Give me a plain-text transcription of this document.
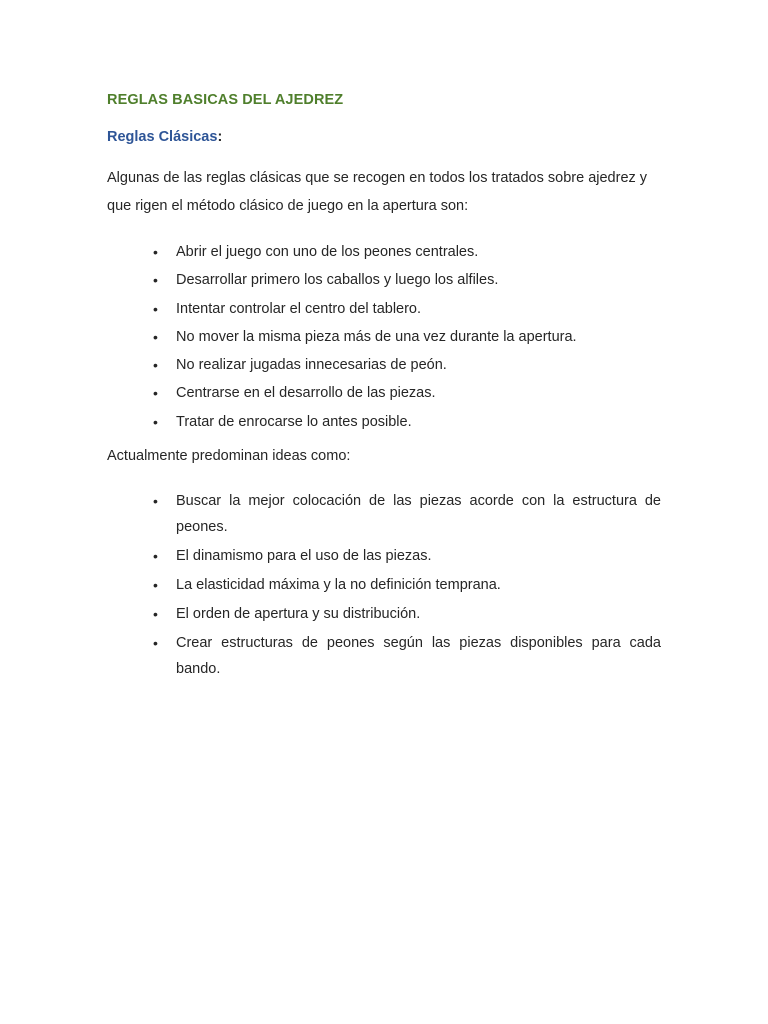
REGLAS BASICAS DEL AJEDREZ
Reglas Clásicas:

Algunas de las reglas clásicas que se recogen en todos los tratados sobre ajedrez y que rigen el método clásico de juego en la apertura son:

• Abrir el juego con uno de los peones centrales.
• Desarrollar primero los caballos y luego los alfiles.
• Intentar controlar el centro del tablero.
• No mover la misma pieza más de una vez durante la apertura.
• No realizar jugadas innecesarias de peón.
• Centrarse en el desarrollo de las piezas.
• Tratar de enrocarse lo antes posible.

Actualmente predominan ideas como:

• Buscar la mejor colocación de las piezas acorde con la estructura de peones.
• El dinamismo para el uso de las piezas.
• La elasticidad máxima y la no definición temprana.
• El orden de apertura y su distribución.
• Crear estructuras de peones según las piezas disponibles para cada bando.
